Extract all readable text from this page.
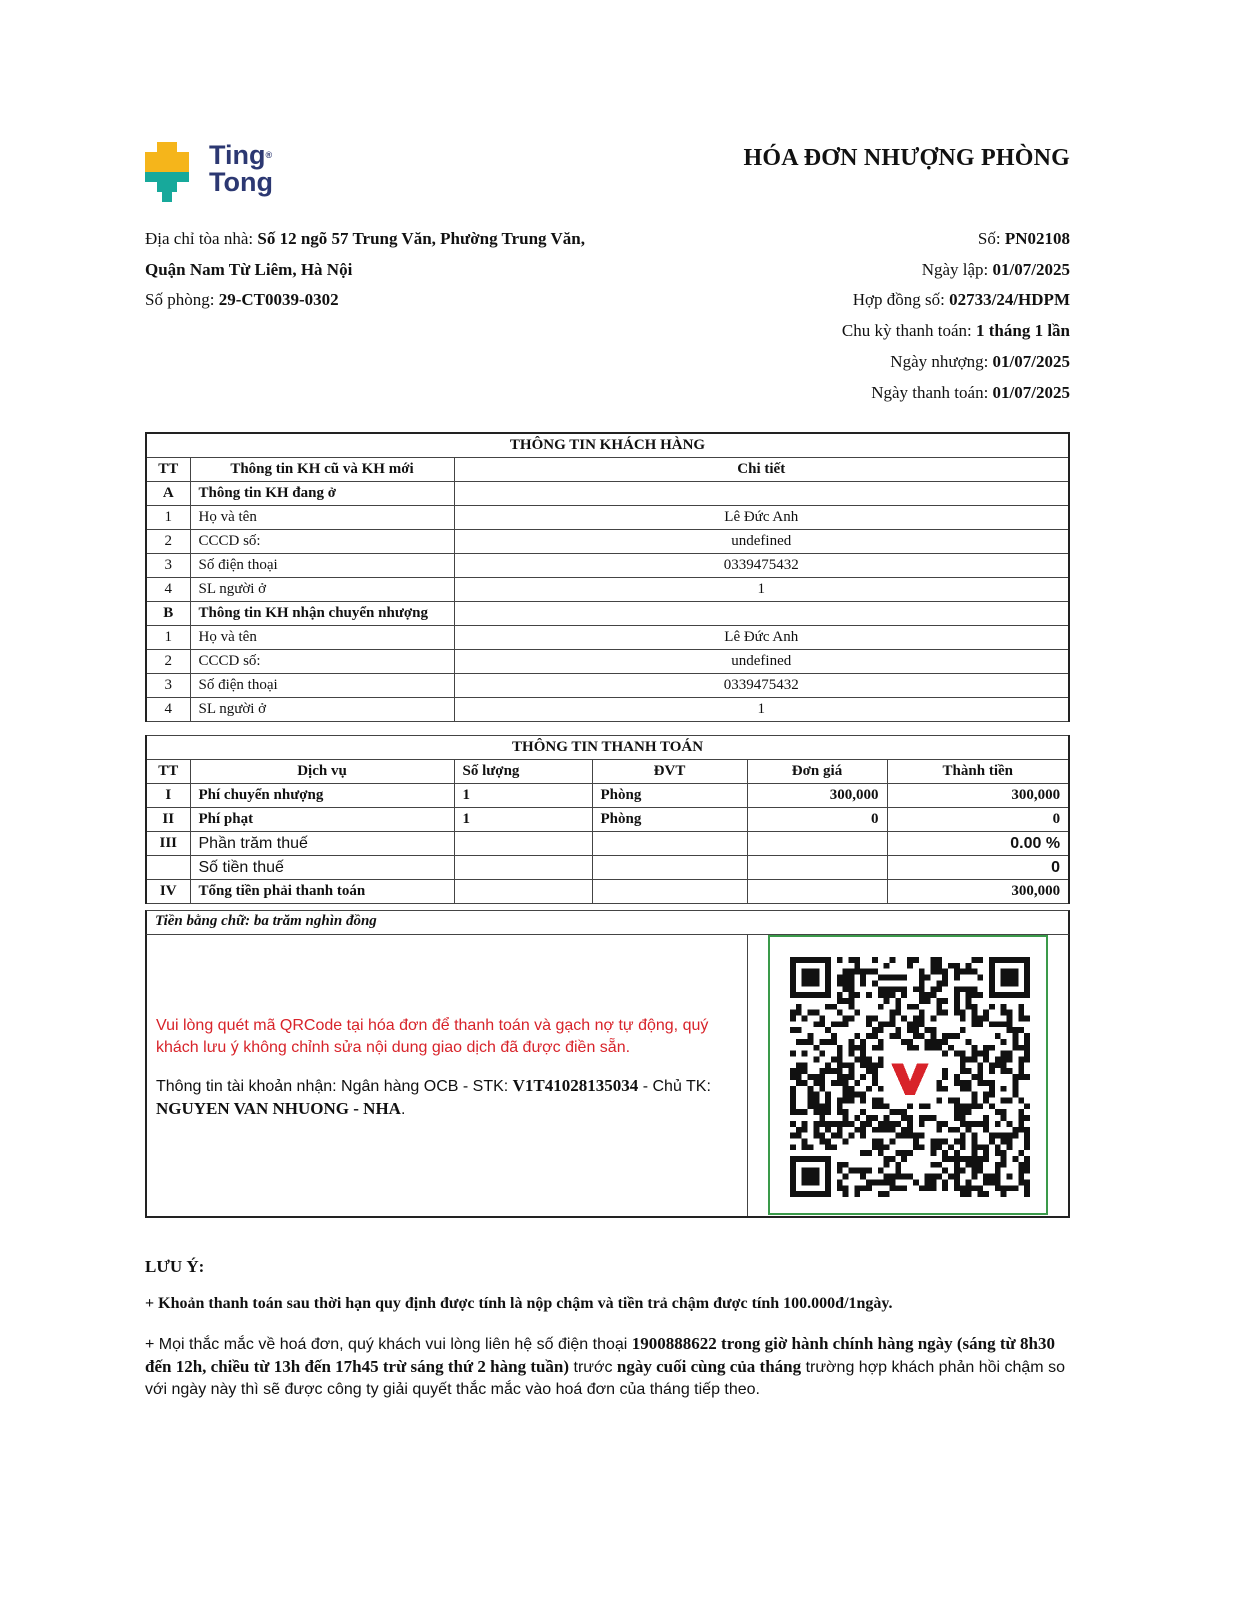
Ting®
Tong
HÓA ĐƠN NHƯỢNG PHÒNG
Địa chỉ tòa nhà: Số 12 ngõ 57 Trung Văn, Phường Trung Văn,
Quận Nam Từ Liêm, Hà Nội
Số phòng: 29-CT0039-0302
Số: PN02108
Ngày lập: 01/07/2025
Hợp đồng số: 02733/24/HDPM
Chu kỳ thanh toán: 1 tháng 1 lần
Ngày nhượng: 01/07/2025
Ngày thanh toán: 01/07/2025
THÔNG TIN KHÁCH HÀNG		
TT	Thông tin KH cũ và KH mới	Chi tiết
A	Thông tin KH đang ở	
1	Họ và tên	Lê Đức Anh
2	CCCD số:	undefined
3	Số điện thoại	0339475432
4	SL người ở	1
B	Thông tin KH nhận chuyển nhượng	
1	Họ và tên	Lê Đức Anh
2	CCCD số:	undefined
3	Số điện thoại	0339475432
4	SL người ở	1
THÔNG TIN THANH TOÁN					
TT	Dịch vụ	Số lượng	ĐVT	Đơn giá	Thành tiền
I	Phí chuyển nhượng	1	Phòng	300,000	300,000
II	Phí phạt	1	Phòng	0	0
III	Phần trăm thuế				0.00 %
	Số tiền thuế				0
IV	Tổng tiền phải thanh toán				300,000
Tiền bằng chữ: ba trăm nghìn đồng
Vui lòng quét mã QRCode tại hóa đơn để thanh toán và gạch nợ tự động, quý khách lưu ý không chỉnh sửa nội dung giao dịch đã được điền sẵn.
Thông tin tài khoản nhận: Ngân hàng OCB - STK: V1T41028135034 - Chủ TK: NGUYEN VAN NHUONG - NHA.
LƯU Ý:
+ Khoản thanh toán sau thời hạn quy định được tính là nộp chậm và tiền trả chậm được tính 100.000đ/1ngày.
+ Mọi thắc mắc về hoá đơn, quý khách vui lòng liên hệ số điện thoại 1900888622 trong giờ hành chính hàng ngày (sáng từ 8h30 đến 12h, chiều từ 13h đến 17h45 trừ sáng thứ 2 hàng tuần) trước ngày cuối cùng của tháng trường hợp khách phản hồi chậm so với ngày này thì sẽ được công ty giải quyết thắc mắc vào hoá đơn của tháng tiếp theo.
